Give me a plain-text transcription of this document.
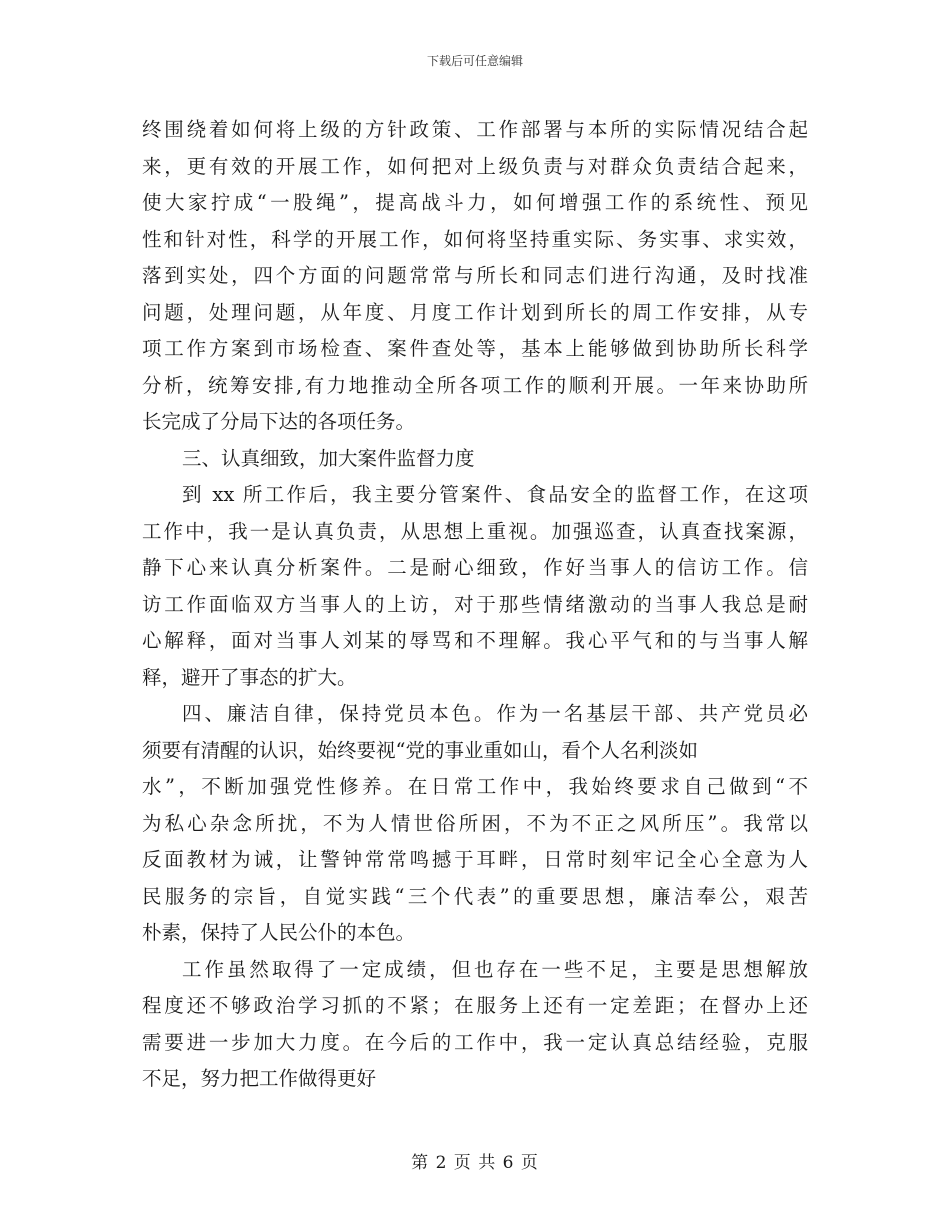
下载后可任意编辑
终围绕着如何将上级的方针政策、工作部署与本所的实际情况结合起
来，更有效的开展工作，如何把对上级负责与对群众负责结合起来，
使大家拧成“一股绳”，提高战斗力，如何增强工作的系统性、预见
性和针对性，科学的开展工作，如何将坚持重实际、务实事、求实效，
落到实处，四个方面的问题常常与所长和同志们进行沟通，及时找准
问题，处理问题，从年度、月度工作计划到所长的周工作安排，从专
项工作方案到市场检查、案件查处等，基本上能够做到协助所长科学
分析，统筹安排,有力地推动全所各项工作的顺利开展。一年来协助所
长完成了分局下达的各项任务。
三、认真细致，加大案件监督力度
到 xx 所工作后，我主要分管案件、食品安全的监督工作，在这项
工作中，我一是认真负责，从思想上重视。加强巡查，认真查找案源，
静下心来认真分析案件。二是耐心细致，作好当事人的信访工作。信
访工作面临双方当事人的上访，对于那些情绪激动的当事人我总是耐
心解释，面对当事人刘某的辱骂和不理解。我心平气和的与当事人解
释，避开了事态的扩大。
四、廉洁自律，保持党员本色。作为一名基层干部、共产党员必
须要有清醒的认识，始终要视“党的事业重如山，看个人名利淡如
水”，不断加强党性修养。在日常工作中，我始终要求自己做到“不
为私心杂念所扰，不为人情世俗所困，不为不正之风所压”。我常以
反面教材为诫，让警钟常常鸣撼于耳畔，日常时刻牢记全心全意为人
民服务的宗旨，自觉实践“三个代表”的重要思想，廉洁奉公，艰苦
朴素，保持了人民公仆的本色。
工作虽然取得了一定成绩，但也存在一些不足，主要是思想解放
程度还不够政治学习抓的不紧；在服务上还有一定差距；在督办上还
需要进一步加大力度。在今后的工作中，我一定认真总结经验，克服
不足，努力把工作做得更好
第 2 页 共 6 页
